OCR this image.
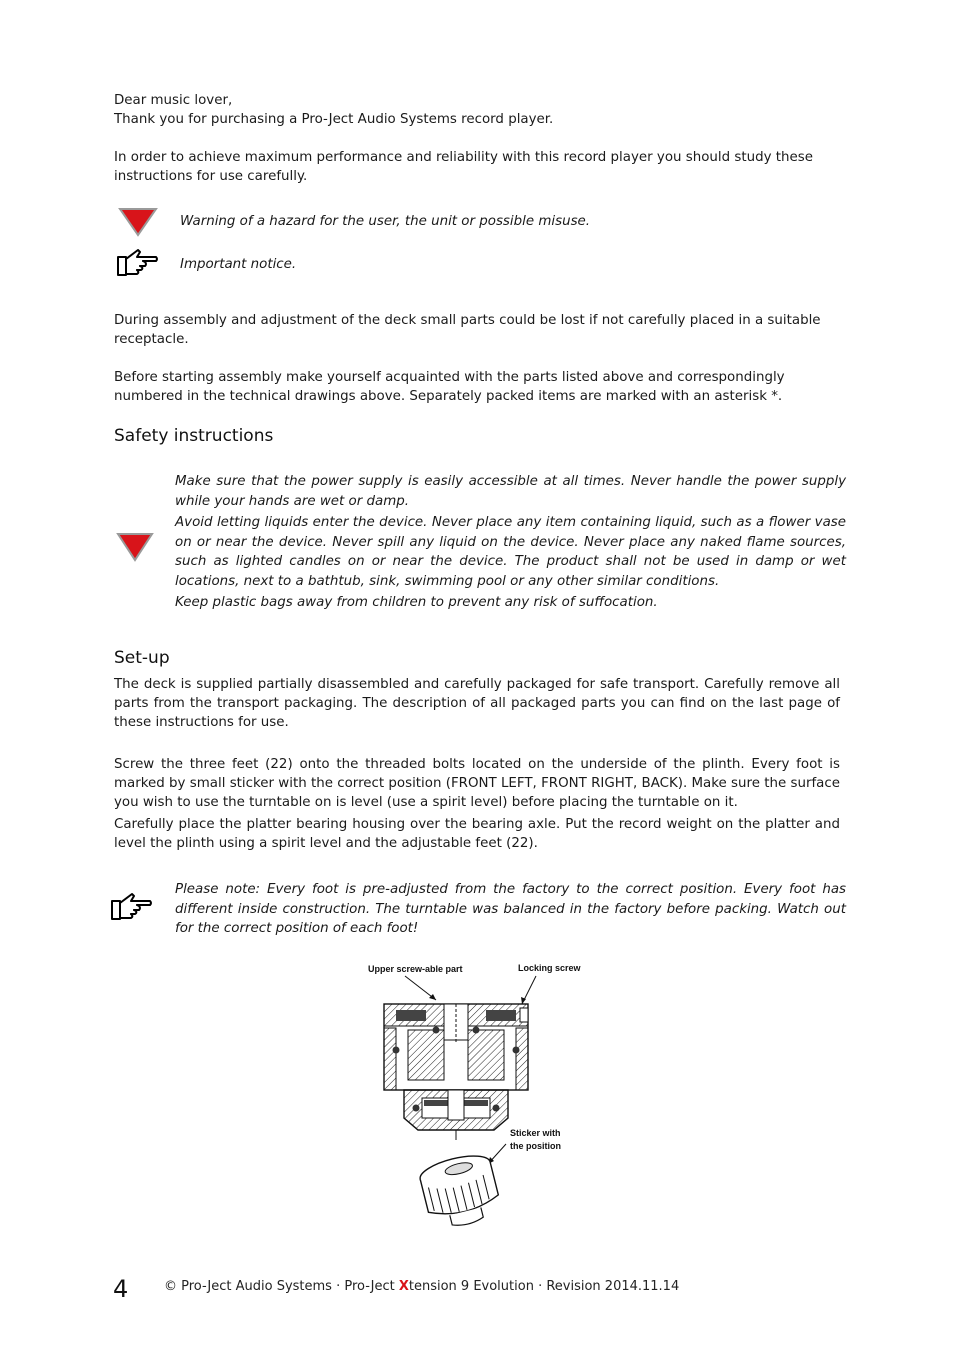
Dear music lover,
Thank you for purchasing a Pro-Ject Audio Systems record player.
In order to achieve maximum performance and reliability with this record player you should study these instructions for use carefully.
Warning of a hazard for the user, the unit or possible misuse.
Important notice.
During assembly and adjustment of the deck small parts could be lost if not carefully placed in a suitable receptacle.
Before starting assembly make yourself acquainted with the parts listed above and correspondingly numbered in the technical drawings above. Separately packed items are marked with an asterisk *.
Safety instructions
Make sure that the power supply is easily accessible at all times. Never handle the power supply while your hands are wet or damp.
Avoid letting liquids enter the device. Never place any item containing liquid, such as a flower vase on or near the device. Never spill any liquid on the device. Never place any naked flame sources, such as lighted candles on or near the device. The product shall not be used in damp or wet locations, next to a bathtub, sink, swimming pool or any other similar conditions.
Keep plastic bags away from children to prevent any risk of suffocation.
Set-up
The deck is supplied partially disassembled and carefully packaged for safe transport. Carefully remove all parts from the transport packaging. The description of all packaged parts you can find on the last page of these instructions for use.
Screw the three feet (22) onto the threaded bolts located on the underside of the plinth. Every foot is marked by small sticker with the correct position (FRONT LEFT, FRONT RIGHT, BACK). Make sure the surface you wish to use the turntable on is level (use a spirit level) before placing the turntable on it.
Carefully place the platter bearing housing over the bearing axle. Put the record weight on the platter and level the plinth using a spirit level and the adjustable feet (22).
Please note: Every foot is pre-adjusted from the factory to the correct position. Every foot has different inside construction. The turntable was balanced in the factory before packing. Watch out for the correct position of each foot!
Upper screw-able part	Locking screw
Sticker with
the position
4	© Pro-Ject Audio Systems · Pro-Ject Xtension 9 Evolution · Revision 2014.11.14
